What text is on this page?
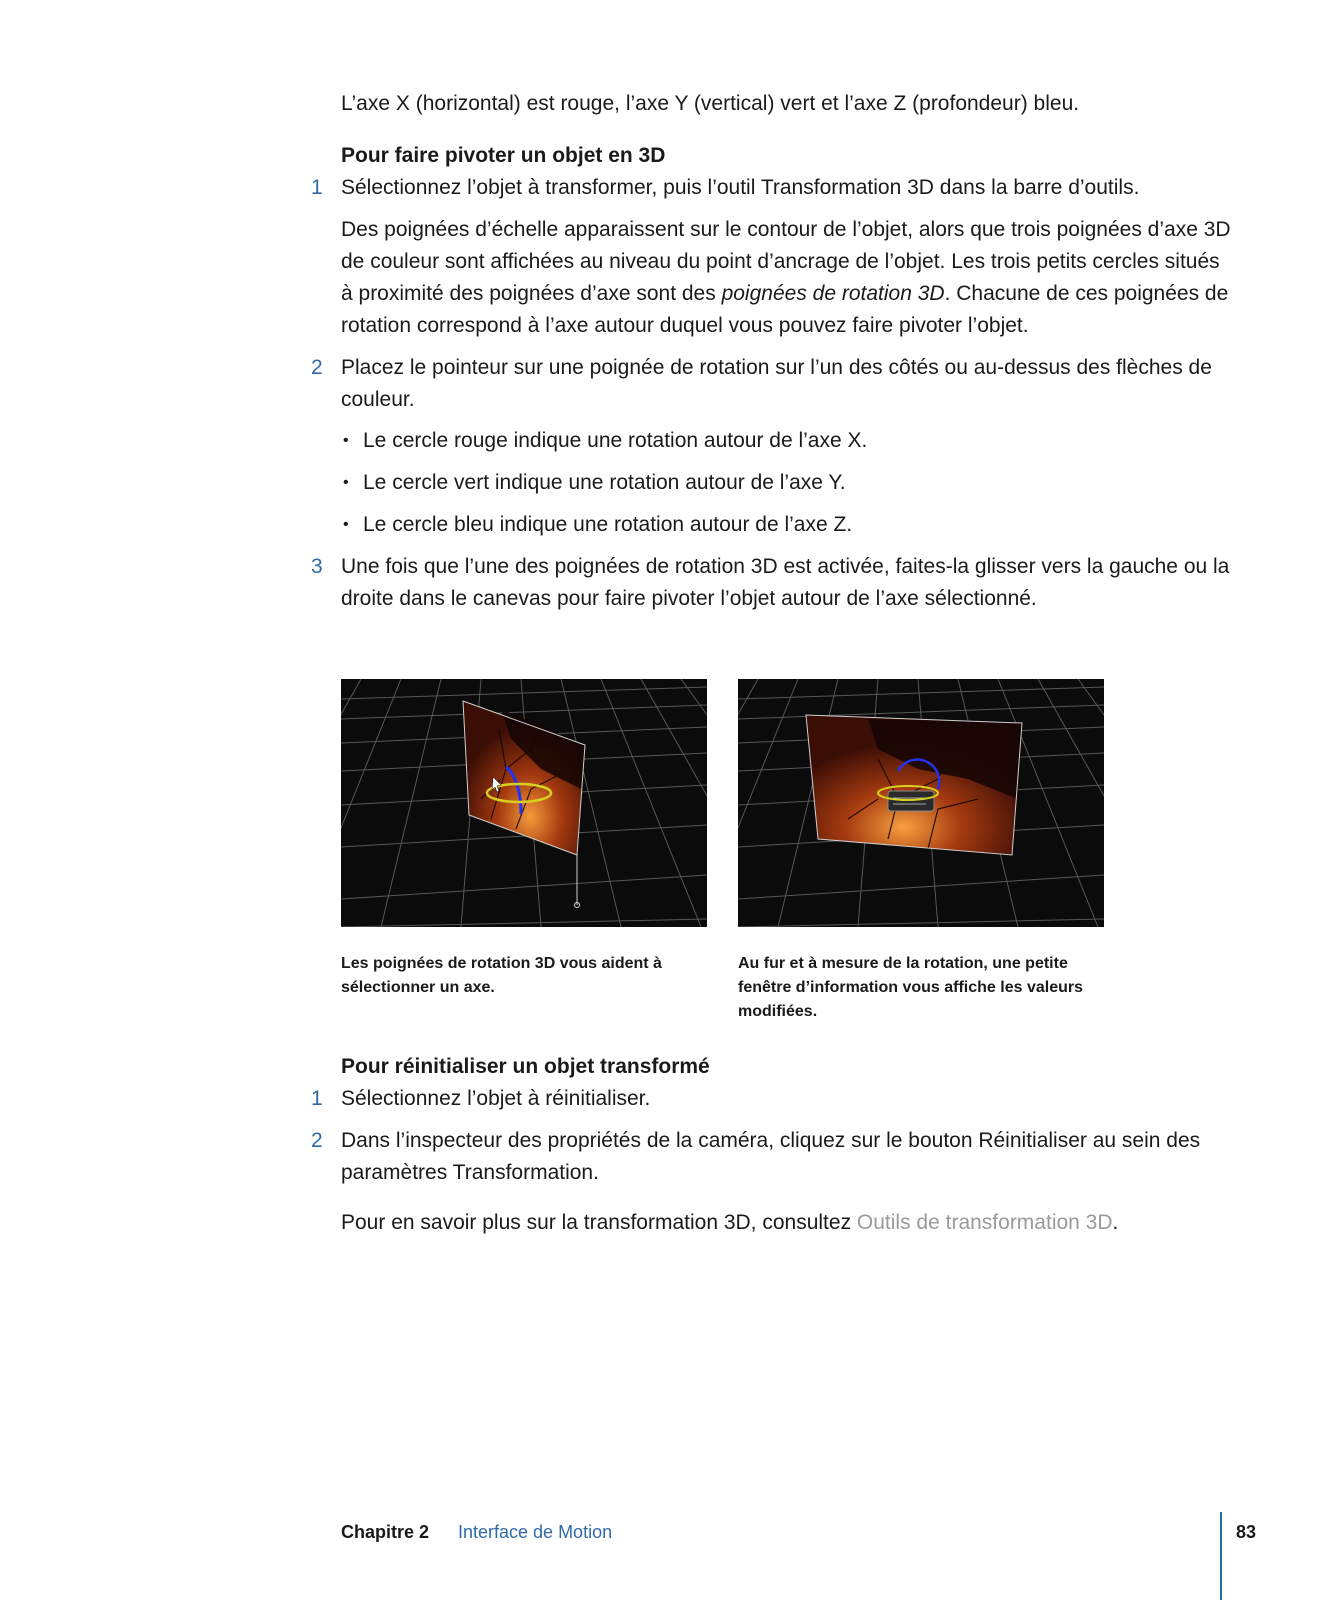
L’axe X (horizontal) est rouge, l’axe Y (vertical) vert et l’axe Z (profondeur) bleu.

Pour faire pivoter un objet en 3D

1 Sélectionnez l’objet à transformer, puis l’outil Transformation 3D dans la barre d’outils.

Des poignées d’échelle apparaissent sur le contour de l’objet, alors que trois poignées d’axe 3D de couleur sont affichées au niveau du point d’ancrage de l’objet. Les trois petits cercles situés à proximité des poignées d’axe sont des poignées de rotation 3D. Chacune de ces poignées de rotation correspond à l’axe autour duquel vous pouvez faire pivoter l’objet.

2 Placez le pointeur sur une poignée de rotation sur l’un des côtés ou au-dessus des flèches de couleur.

• Le cercle rouge indique une rotation autour de l’axe X.
• Le cercle vert indique une rotation autour de l’axe Y.
• Le cercle bleu indique une rotation autour de l’axe Z.
3 Une fois que l’une des poignées de rotation 3D est activée, faites-la glisser vers la gauche ou la droite dans le canevas pour faire pivoter l’objet autour de l’axe sélectionné.

Les poignées de rotation 3D vous aident à sélectionner un axe.
Au fur et à mesure de la rotation, une petite fenêtre d’information vous affiche les valeurs modifiées.

Pour réinitialiser un objet transformé

1 Sélectionnez l’objet à réinitialiser.

2 Dans l’inspecteur des propriétés de la caméra, cliquez sur le bouton Réinitialiser au sein des paramètres Transformation.

Pour en savoir plus sur la transformation 3D, consultez Outils de transformation 3D.

Chapitre 2 Interface de Motion	83
